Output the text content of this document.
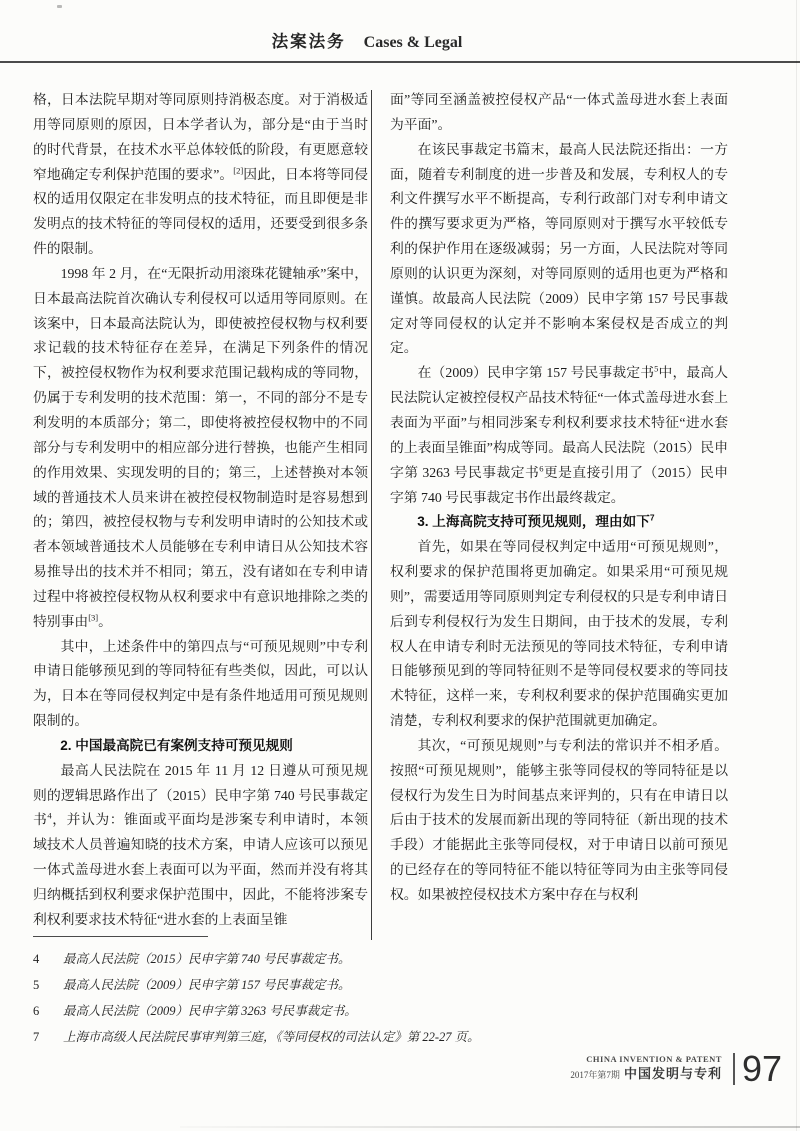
法案法务 Cases & Legal

格，日本法院早期对等同原则持消极态度。对于消极适用等同原则的原因，日本学者认为，部分是“由于当时的时代背景，在技术水平总体较低的阶段，有更愿意较窄地确定专利保护范围的要求”。[2]因此，日本将等同侵权的适用仅限定在非发明点的技术特征，而且即便是非发明点的技术特征的等同侵权的适用，还要受到很多条件的限制。

1998 年 2 月，在“无限折动用滚珠花键轴承”案中，日本最高法院首次确认专利侵权可以适用等同原则。在该案中，日本最高法院认为，即使被控侵权物与权利要求记载的技术特征存在差异，在满足下列条件的情况下，被控侵权物作为权利要求范围记载构成的等同物，仍属于专利发明的技术范围：第一，不同的部分不是专利发明的本质部分；第二，即使将被控侵权物中的不同部分与专利发明中的相应部分进行替换，也能产生相同的作用效果、实现发明的目的；第三，上述替换对本领域的普通技术人员来讲在被控侵权物制造时是容易想到的；第四，被控侵权物与专利发明申请时的公知技术或者本领域普通技术人员能够在专利申请日从公知技术容易推导出的技术并不相同；第五，没有诸如在专利申请过程中将被控侵权物从权利要求中有意识地排除之类的特别事由[3]。

其中，上述条件中的第四点与“可预见规则”中专利申请日能够预见到的等同特征有些类似，因此，可以认为，日本在等同侵权判定中是有条件地适用可预见规则限制的。

2. 中国最高院已有案例支持可预见规则

最高人民法院在 2015 年 11 月 12 日遵从可预见规则的逻辑思路作出了（2015）民申字第 740 号民事裁定书$^4$，并认为：锥面或平面均是涉案专利申请时，本领域技术人员普遍知晓的技术方案，申请人应该可以预见一体式盖母进水套上表面可以为平面，然而并没有将其归纳概括到权利要求保护范围中，因此，不能将涉案专利权利要求技术特征“进水套的上表面呈锥

面”等同至涵盖被控侵权产品“一体式盖母进水套上表面为平面”。

在该民事裁定书篇末，最高人民法院还指出：一方面，随着专利制度的进一步普及和发展，专利权人的专利文件撰写水平不断提高，专利行政部门对专利申请文件的撰写要求更为严格，等同原则对于撰写水平较低专利的保护作用在逐级减弱；另一方面，人民法院对等同原则的认识更为深刻，对等同原则的适用也更为严格和谨慎。故最高人民法院（2009）民申字第 157 号民事裁定对等同侵权的认定并不影响本案侵权是否成立的判定。

在（2009）民申字第 157 号民事裁定书$^5$中，最高人民法院认定被控侵权产品技术特征“一体式盖母进水套上表面为平面”与相同涉案专利权利要求技术特征“进水套的上表面呈锥面”构成等同。最高人民法院（2015）民申字第 3263 号民事裁定书$^6$更是直接引用了（2015）民申字第 740 号民事裁定书作出最终裁定。

3. 上海高院支持可预见规则，理由如下$^7$

首先，如果在等同侵权判定中适用“可预见规则”，权利要求的保护范围将更加确定。如果采用“可预见规则”，需要适用等同原则判定专利侵权的只是专利申请日后到专利侵权行为发生日期间，由于技术的发展，专利权人在申请专利时无法预见的等同技术特征，专利申请日能够预见到的等同特征则不是等同侵权要求的等同技术特征，这样一来，专利权利要求的保护范围确实更加清楚，专利权利要求的保护范围就更加确定。

其次，“可预见规则”与专利法的常识并不相矛盾。按照“可预见规则”，能够主张等同侵权的等同特征是以侵权行为发生日为时间基点来评判的，只有在申请日以后由于技术的发展而新出现的等同特征（新出现的技术手段）才能据此主张等同侵权，对于申请日以前可预见的已经存在的等同特征不能以特征等同为由主张等同侵权。如果被控侵权技术方案中存在与权利

4	最高人民法院（2015）民申字第 740 号民事裁定书。

5	最高人民法院（2009）民申字第 157 号民事裁定书。

6	最高人民法院（2009）民申字第 3263 号民事裁定书。

7	上海市高级人民法院民事审判第三庭，《等同侵权的司法认定》第 22-27 页。

CHINA INVENTION & PATENT
2017年第7期 中国发明与专利 97
